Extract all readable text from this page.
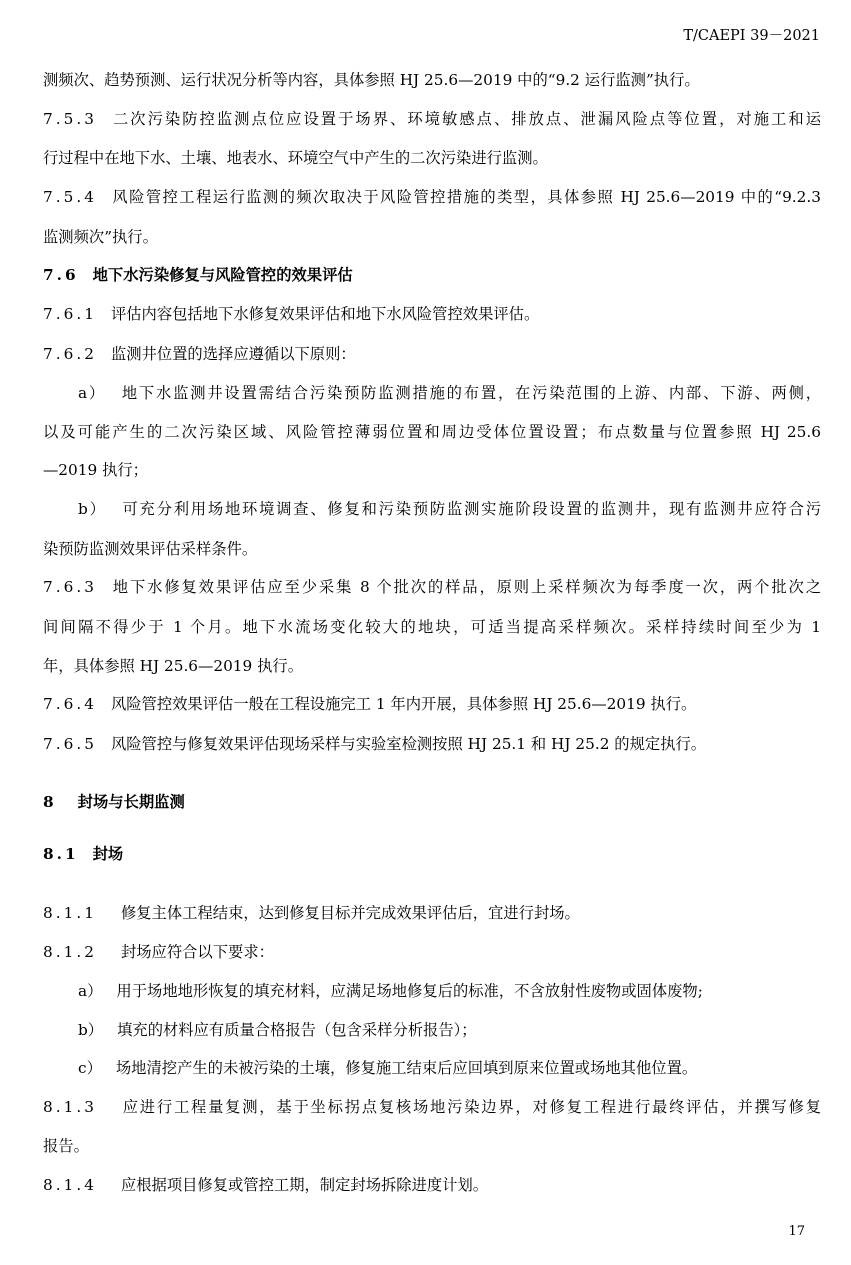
T/CAEPI 39－2021
测频次、趋势预测、运行状况分析等内容，具体参照 HJ 25.6—2019 中的“9.2 运行监测”执行。
7.5.3 二次污染防控监测点位应设置于场界、环境敏感点、排放点、泄漏风险点等位置，对施工和运
行过程中在地下水、土壤、地表水、环境空气中产生的二次污染进行监测。
7.5.4 风险管控工程运行监测的频次取决于风险管控措施的类型，具体参照 HJ 25.6—2019 中的“9.2.3
监测频次”执行。
7.6 地下水污染修复与风险管控的效果评估
7.6.1 评估内容包括地下水修复效果评估和地下水风险管控效果评估。
7.6.2 监测井位置的选择应遵循以下原则：
a） 地下水监测井设置需结合污染预防监测措施的布置，在污染范围的上游、内部、下游、两侧，
以及可能产生的二次污染区域、风险管控薄弱位置和周边受体位置设置；布点数量与位置参照 HJ 25.6
—2019 执行；
b） 可充分利用场地环境调查、修复和污染预防监测实施阶段设置的监测井，现有监测井应符合污
染预防监测效果评估采样条件。
7.6.3 地下水修复效果评估应至少采集 8 个批次的样品，原则上采样频次为每季度一次，两个批次之
间间隔不得少于 1 个月。地下水流场变化较大的地块，可适当提高采样频次。采样持续时间至少为 1
年，具体参照 HJ 25.6—2019 执行。
7.6.4 风险管控效果评估一般在工程设施完工 1 年内开展，具体参照 HJ 25.6—2019 执行。
7.6.5 风险管控与修复效果评估现场采样与实验室检测按照 HJ 25.1 和 HJ 25.2 的规定执行。
8 封场与长期监测
8.1 封场
8.1.1 修复主体工程结束，达到修复目标并完成效果评估后，宜进行封场。
8.1.2 封场应符合以下要求：
a） 用于场地地形恢复的填充材料，应满足场地修复后的标准，不含放射性废物或固体废物;
b） 填充的材料应有质量合格报告（包含采样分析报告）；
c） 场地清挖产生的未被污染的土壤，修复施工结束后应回填到原来位置或场地其他位置。
8.1.3 应进行工程量复测，基于坐标拐点复核场地污染边界，对修复工程进行最终评估，并撰写修复
报告。
8.1.4 应根据项目修复或管控工期，制定封场拆除进度计划。
17
